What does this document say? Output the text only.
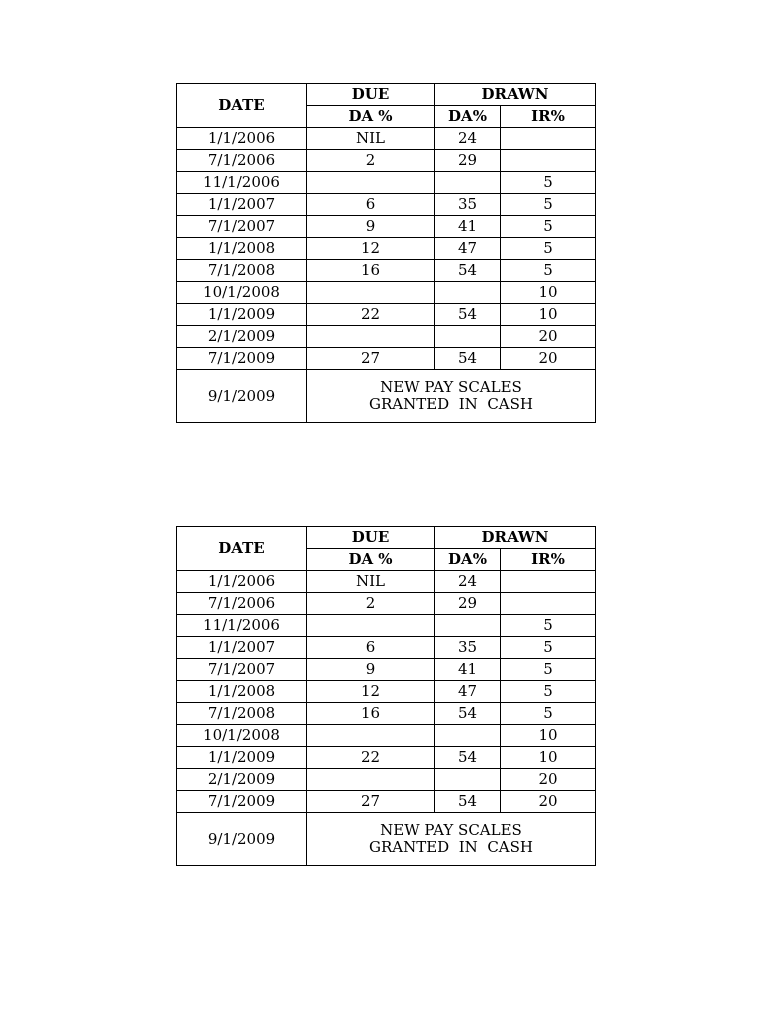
DATE	DUE	DRAWN	
	DA %	DA%	IR%
1/1/2006	NIL	24	
7/1/2006	2	29	
11/1/2006			5
1/1/2007	6	35	5
7/1/2007	9	41	5
1/1/2008	12	47	5
7/1/2008	16	54	5
10/1/2008			10
1/1/2009	22	54	10
2/1/2009			20
7/1/2009	27	54	20
9/1/2009	NEW PAY SCALES
GRANTED  IN  CASH		
DATE	DUE	DRAWN	
	DA %	DA%	IR%
1/1/2006	NIL	24	
7/1/2006	2	29	
11/1/2006			5
1/1/2007	6	35	5
7/1/2007	9	41	5
1/1/2008	12	47	5
7/1/2008	16	54	5
10/1/2008			10
1/1/2009	22	54	10
2/1/2009			20
7/1/2009	27	54	20
9/1/2009	NEW PAY SCALES
GRANTED  IN  CASH		
